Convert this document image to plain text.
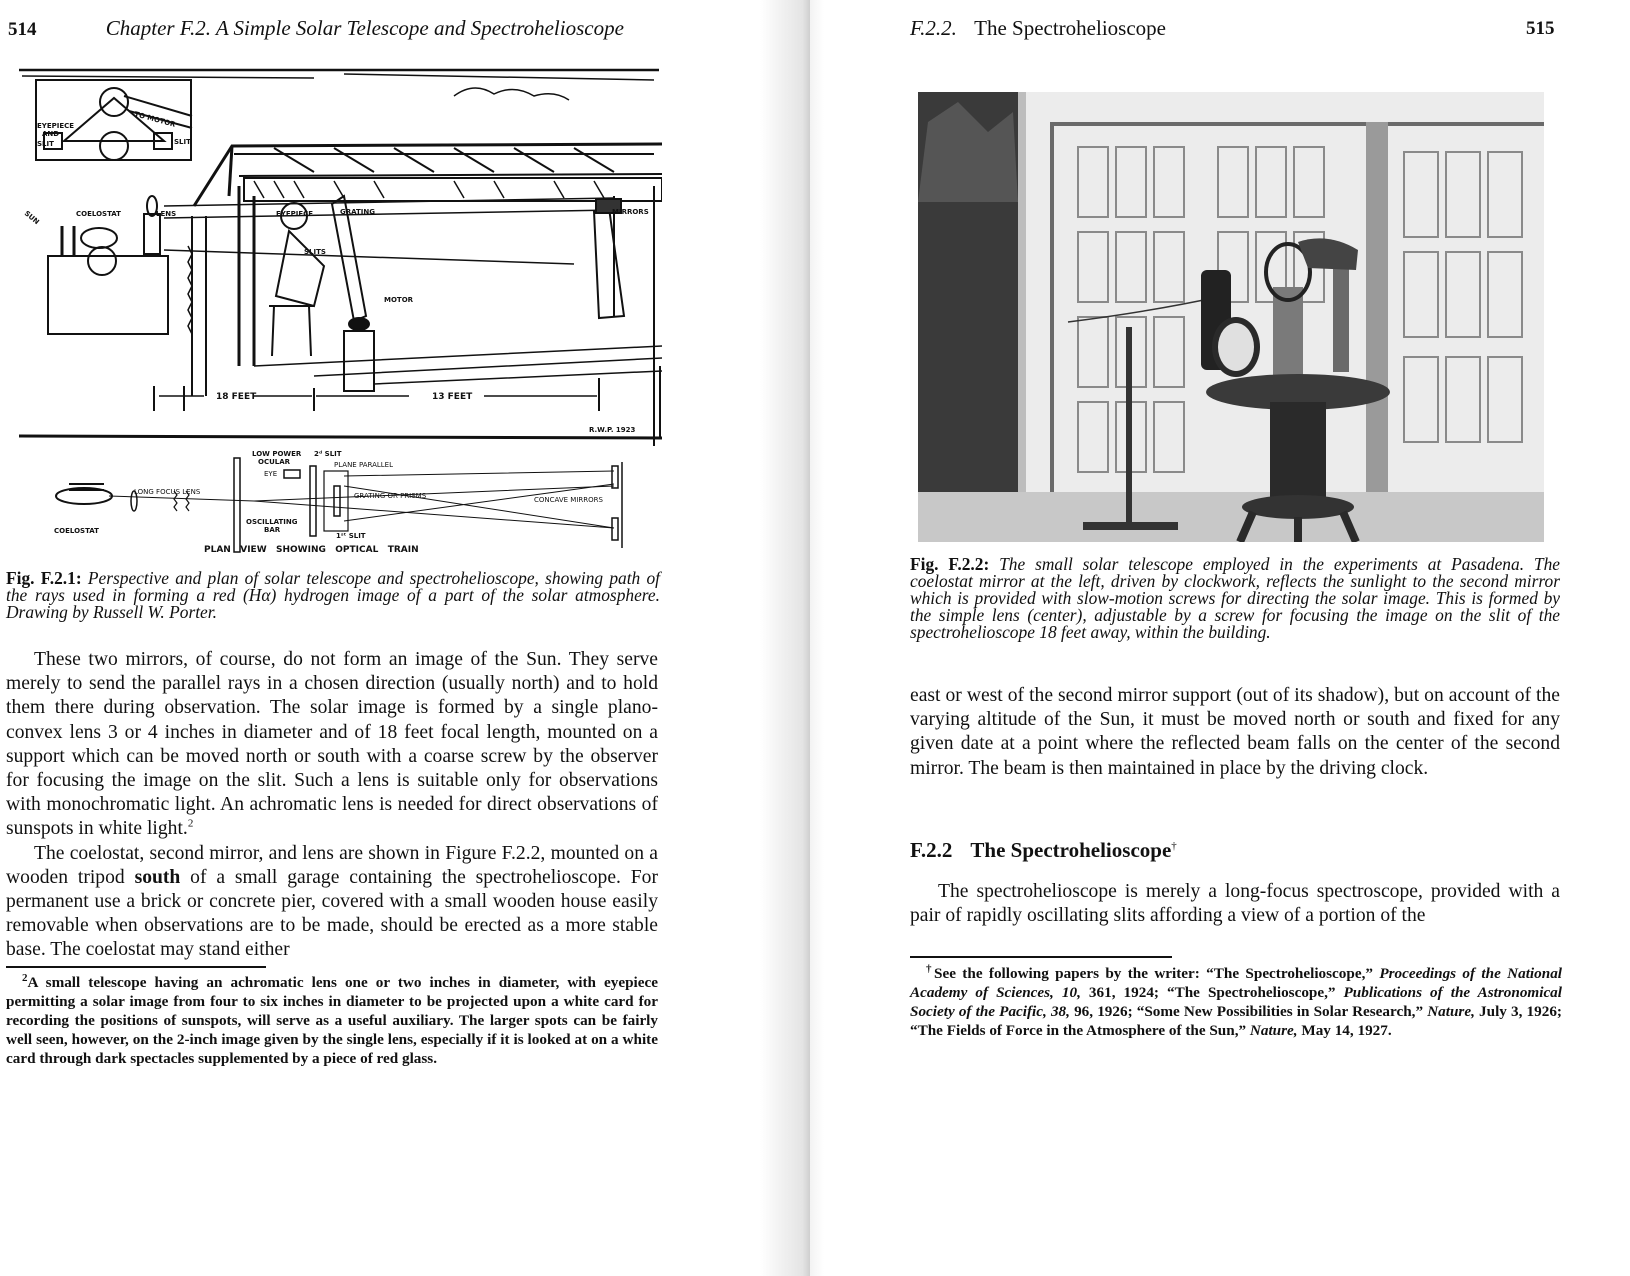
514	Chapter F.2. A Simple Solar Telescope and Spectrohelioscope
TO MOTOR
EYEPIECE
AND
SLIT	SLIT
SUN	COELOSTAT	LENS	EYEPIECE	GRATING	MIRRORS
SLITS
MOTOR
18 FEET	13 FEET
R.W.P. 1923
LOW POWER
OCULAR
2ᵈ SLIT
PLANE PARALLEL
EYE
LONG FOCUS LENS	GRATING OR PRISMS	CONCAVE MIRRORS
COELOSTAT
OSCILLATING
BAR
1ˢᵗ SLIT
PLAN   VIEW   SHOWING   OPTICAL   TRAIN
Fig. F.2.1: Perspective and plan of solar telescope and spectrohelioscope, showing path of the rays used in forming a red (Hα) hydrogen image of a part of the solar atmosphere. Drawing by Russell W. Porter.

These two mirrors, of course, do not form an image of the Sun. They serve merely to send the parallel rays in a chosen direction (usually north) and to hold them there during observation. The solar image is formed by a single plano-convex lens 3 or 4 inches in diameter and of 18 feet focal length, mounted on a support which can be moved north or south with a coarse screw by the observer for focusing the image on the slit. Such a lens is suitable only for observations with monochromatic light. An achromatic lens is needed for direct observations of sunspots in white light.$^2$

The coelostat, second mirror, and lens are shown in Figure F.2.2, mounted on a wooden tripod south of a small garage containing the spectrohelioscope. For permanent use a brick or concrete pier, covered with a small wooden house easily removable when observations are to be made, should be erected as a more stable base. The coelostat may stand either

$^2$A small telescope having an achromatic lens one or two inches in diameter, with eyepiece permitting a solar image from four to six inches in diameter to be projected upon a white card for recording the positions of sunspots, will serve as a useful auxiliary. The larger spots can be fairly well seen, however, on the 2-inch image given by the single lens, especially if it is looked at on a white card through dark spectacles supplemented by a piece of red glass.

F.2.2. The Spectrohelioscope	515
Fig. F.2.2: The small solar telescope employed in the experiments at Pasadena. The coelostat mirror at the left, driven by clockwork, reflects the sunlight to the second mirror which is provided with slow-motion screws for directing the solar image. This is formed by the simple lens (center), adjustable by a screw for focusing the image on the slit of the spectrohelioscope 18 feet away, within the building.

east or west of the second mirror support (out of its shadow), but on account of the varying altitude of the Sun, it must be moved north or south and fixed for any given date at a point where the reflected beam falls on the center of the second mirror. The beam is then maintained in place by the driving clock.

F.2.2 The Spectrohelioscope†

The spectrohelioscope is merely a long-focus spectroscope, provided with a pair of rapidly oscillating slits affording a view of a portion of the

†See the following papers by the writer: “The Spectrohelioscope,” Proceedings of the National Academy of Sciences, 10, 361, 1924; “The Spectrohelioscope,” Publications of the Astronomical Society of the Pacific, 38, 96, 1926; “Some New Possibilities in Solar Research,” Nature, July 3, 1926; “The Fields of Force in the Atmosphere of the Sun,” Nature, May 14, 1927.
